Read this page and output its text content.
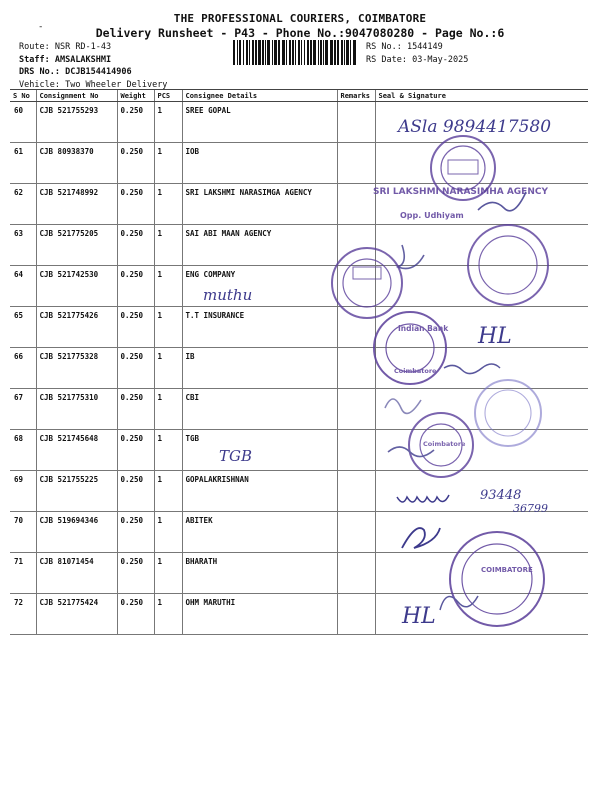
-
THE PROFESSIONAL COURIERS, COIMBATORE
Delivery Runsheet - P43 - Phone No.:9047080280 - Page No.:6
Route: NSR RD-1-43
Staff: AMSALAKSHMI
DRS No.: DCJB154414906
Vehicle: Two Wheeler Delivery
RS No.: 1544149
RS Date: 03-May-2025
S No	Consignment No	Weight	PCS	Consignee Details	Remarks	Seal & Signature
60	CJB 521755293	0.250	1	SREE GOPAL		
61	CJB 80938370	0.250	1	IOB		
62	CJB 521748992	0.250	1	SRI LAKSHMI NARASIMGA AGENCY		
63	CJB 521775205	0.250	1	SAI ABI MAAN AGENCY		
64	CJB 521742530	0.250	1	ENG COMPANY		
65	CJB 521775426	0.250	1	T.T INSURANCE		
66	CJB 521775328	0.250	1	IB		
67	CJB 521775310	0.250	1	CBI		
68	CJB 521745648	0.250	1	TGB		
69	CJB 521755225	0.250	1	GOPALAKRISHNAN		
70	CJB 519694346	0.250	1	ABITEK		
71	CJB 81071454	0.250	1	BHARATH		
72	CJB 521775424	0.250	1	OHM MARUTHI		
ASla 9894417580
SRI LAKSHMI NARASIMHA AGENCY
Opp. Udhiyam
muthu
HL
Indian Bank
Coimbatore
Coimbatore
TGB
93448
36799
COIMBATORE
HL
